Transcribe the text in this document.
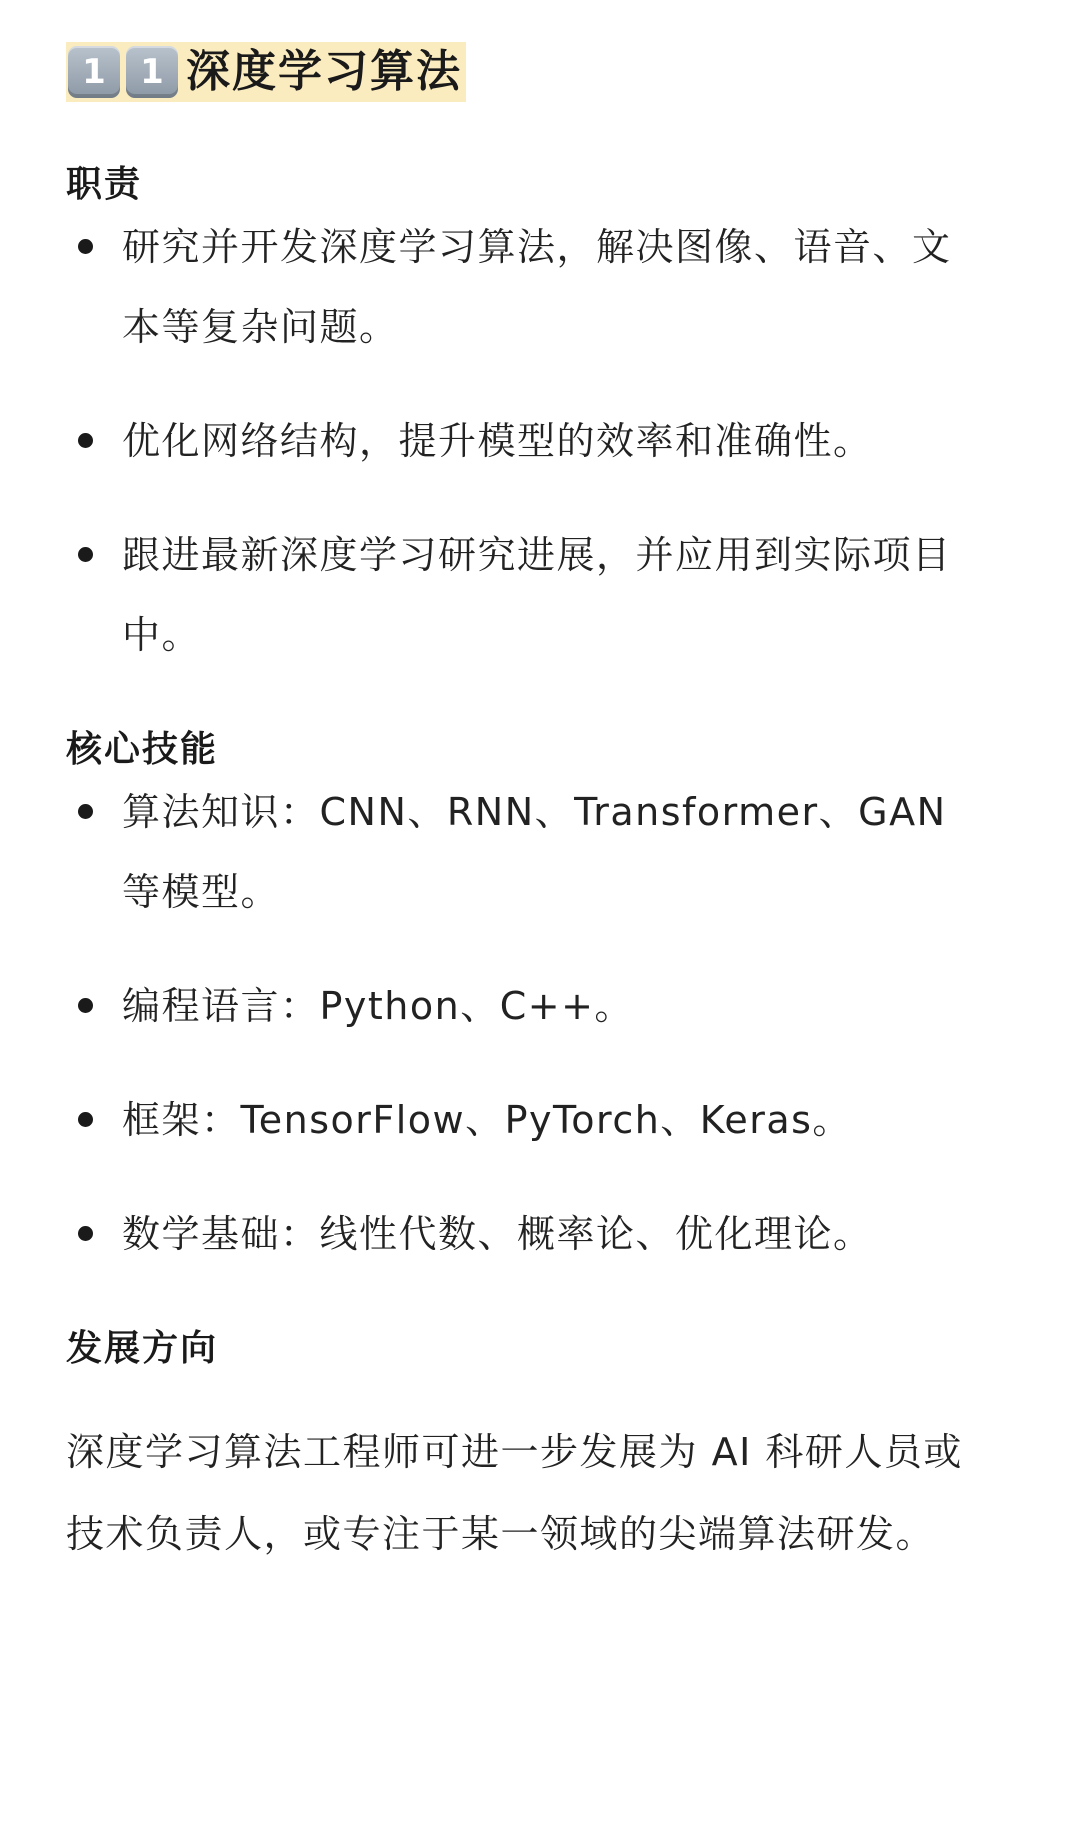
1	1 深度学习算法
职责
研究并开发深度学习算法，解决图像、语音、文本等复杂问题。
优化网络结构，提升模型的效率和准确性。
跟进最新深度学习研究进展，并应用到实际项目中。
核心技能
算法知识：CNN、RNN、Transformer、GAN 等模型。
编程语言：Python、C++。
框架：TensorFlow、PyTorch、Keras。
数学基础：线性代数、概率论、优化理论。
发展方向

深度学习算法工程师可进一步发展为 AI 科研人员或技术负责人，或专注于某一领域的尖端算法研发。
